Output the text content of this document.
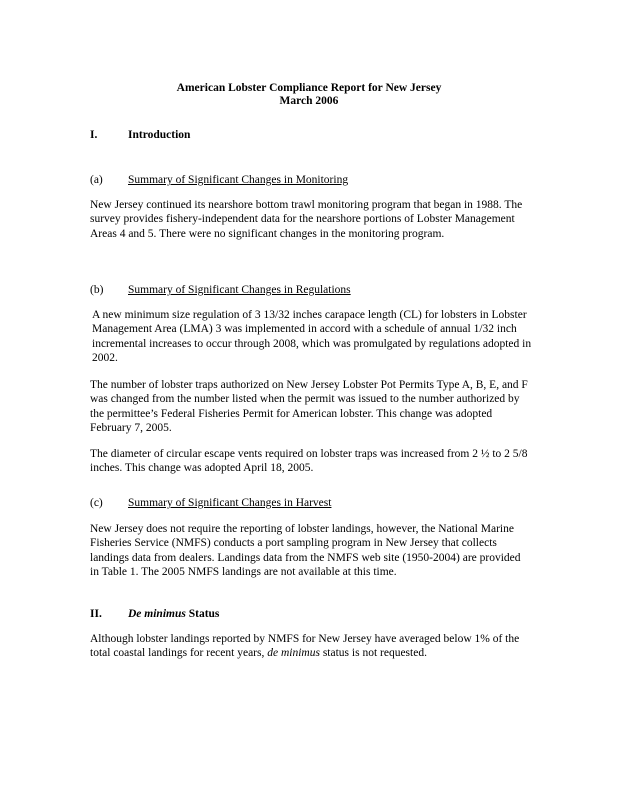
American Lobster Compliance Report for New Jersey
March 2006
I.	Introduction
(a) Summary of Significant Changes in Monitoring
New Jersey continued its nearshore bottom trawl monitoring program that began in 1988. The survey provides fishery-independent data for the nearshore portions of Lobster Management Areas 4 and 5. There were no significant changes in the monitoring program.
(b) Summary of Significant Changes in Regulations
A new minimum size regulation of 3 13/32 inches carapace length (CL) for lobsters in Lobster Management Area (LMA) 3 was implemented in accord with a schedule of annual 1/32 inch incremental increases to occur through 2008, which was promulgated by regulations adopted in 2002.
The number of lobster traps authorized on New Jersey Lobster Pot Permits Type A, B, E, and F was changed from the number listed when the permit was issued to the number authorized by the permittee’s Federal Fisheries Permit for American lobster. This change was adopted February 7, 2005.
The diameter of circular escape vents required on lobster traps was increased from 2 ½ to 2 5/8 inches. This change was adopted April 18, 2005.
(c) Summary of Significant Changes in Harvest
New Jersey does not require the reporting of lobster landings, however, the National Marine Fisheries Service (NMFS) conducts a port sampling program in New Jersey that collects landings data from dealers. Landings data from the NMFS web site (1950-2004) are provided in Table 1. The 2005 NMFS landings are not available at this time.
II. De minimus Status
Although lobster landings reported by NMFS for New Jersey have averaged below 1% of the total coastal landings for recent years, de minimus status is not requested.
